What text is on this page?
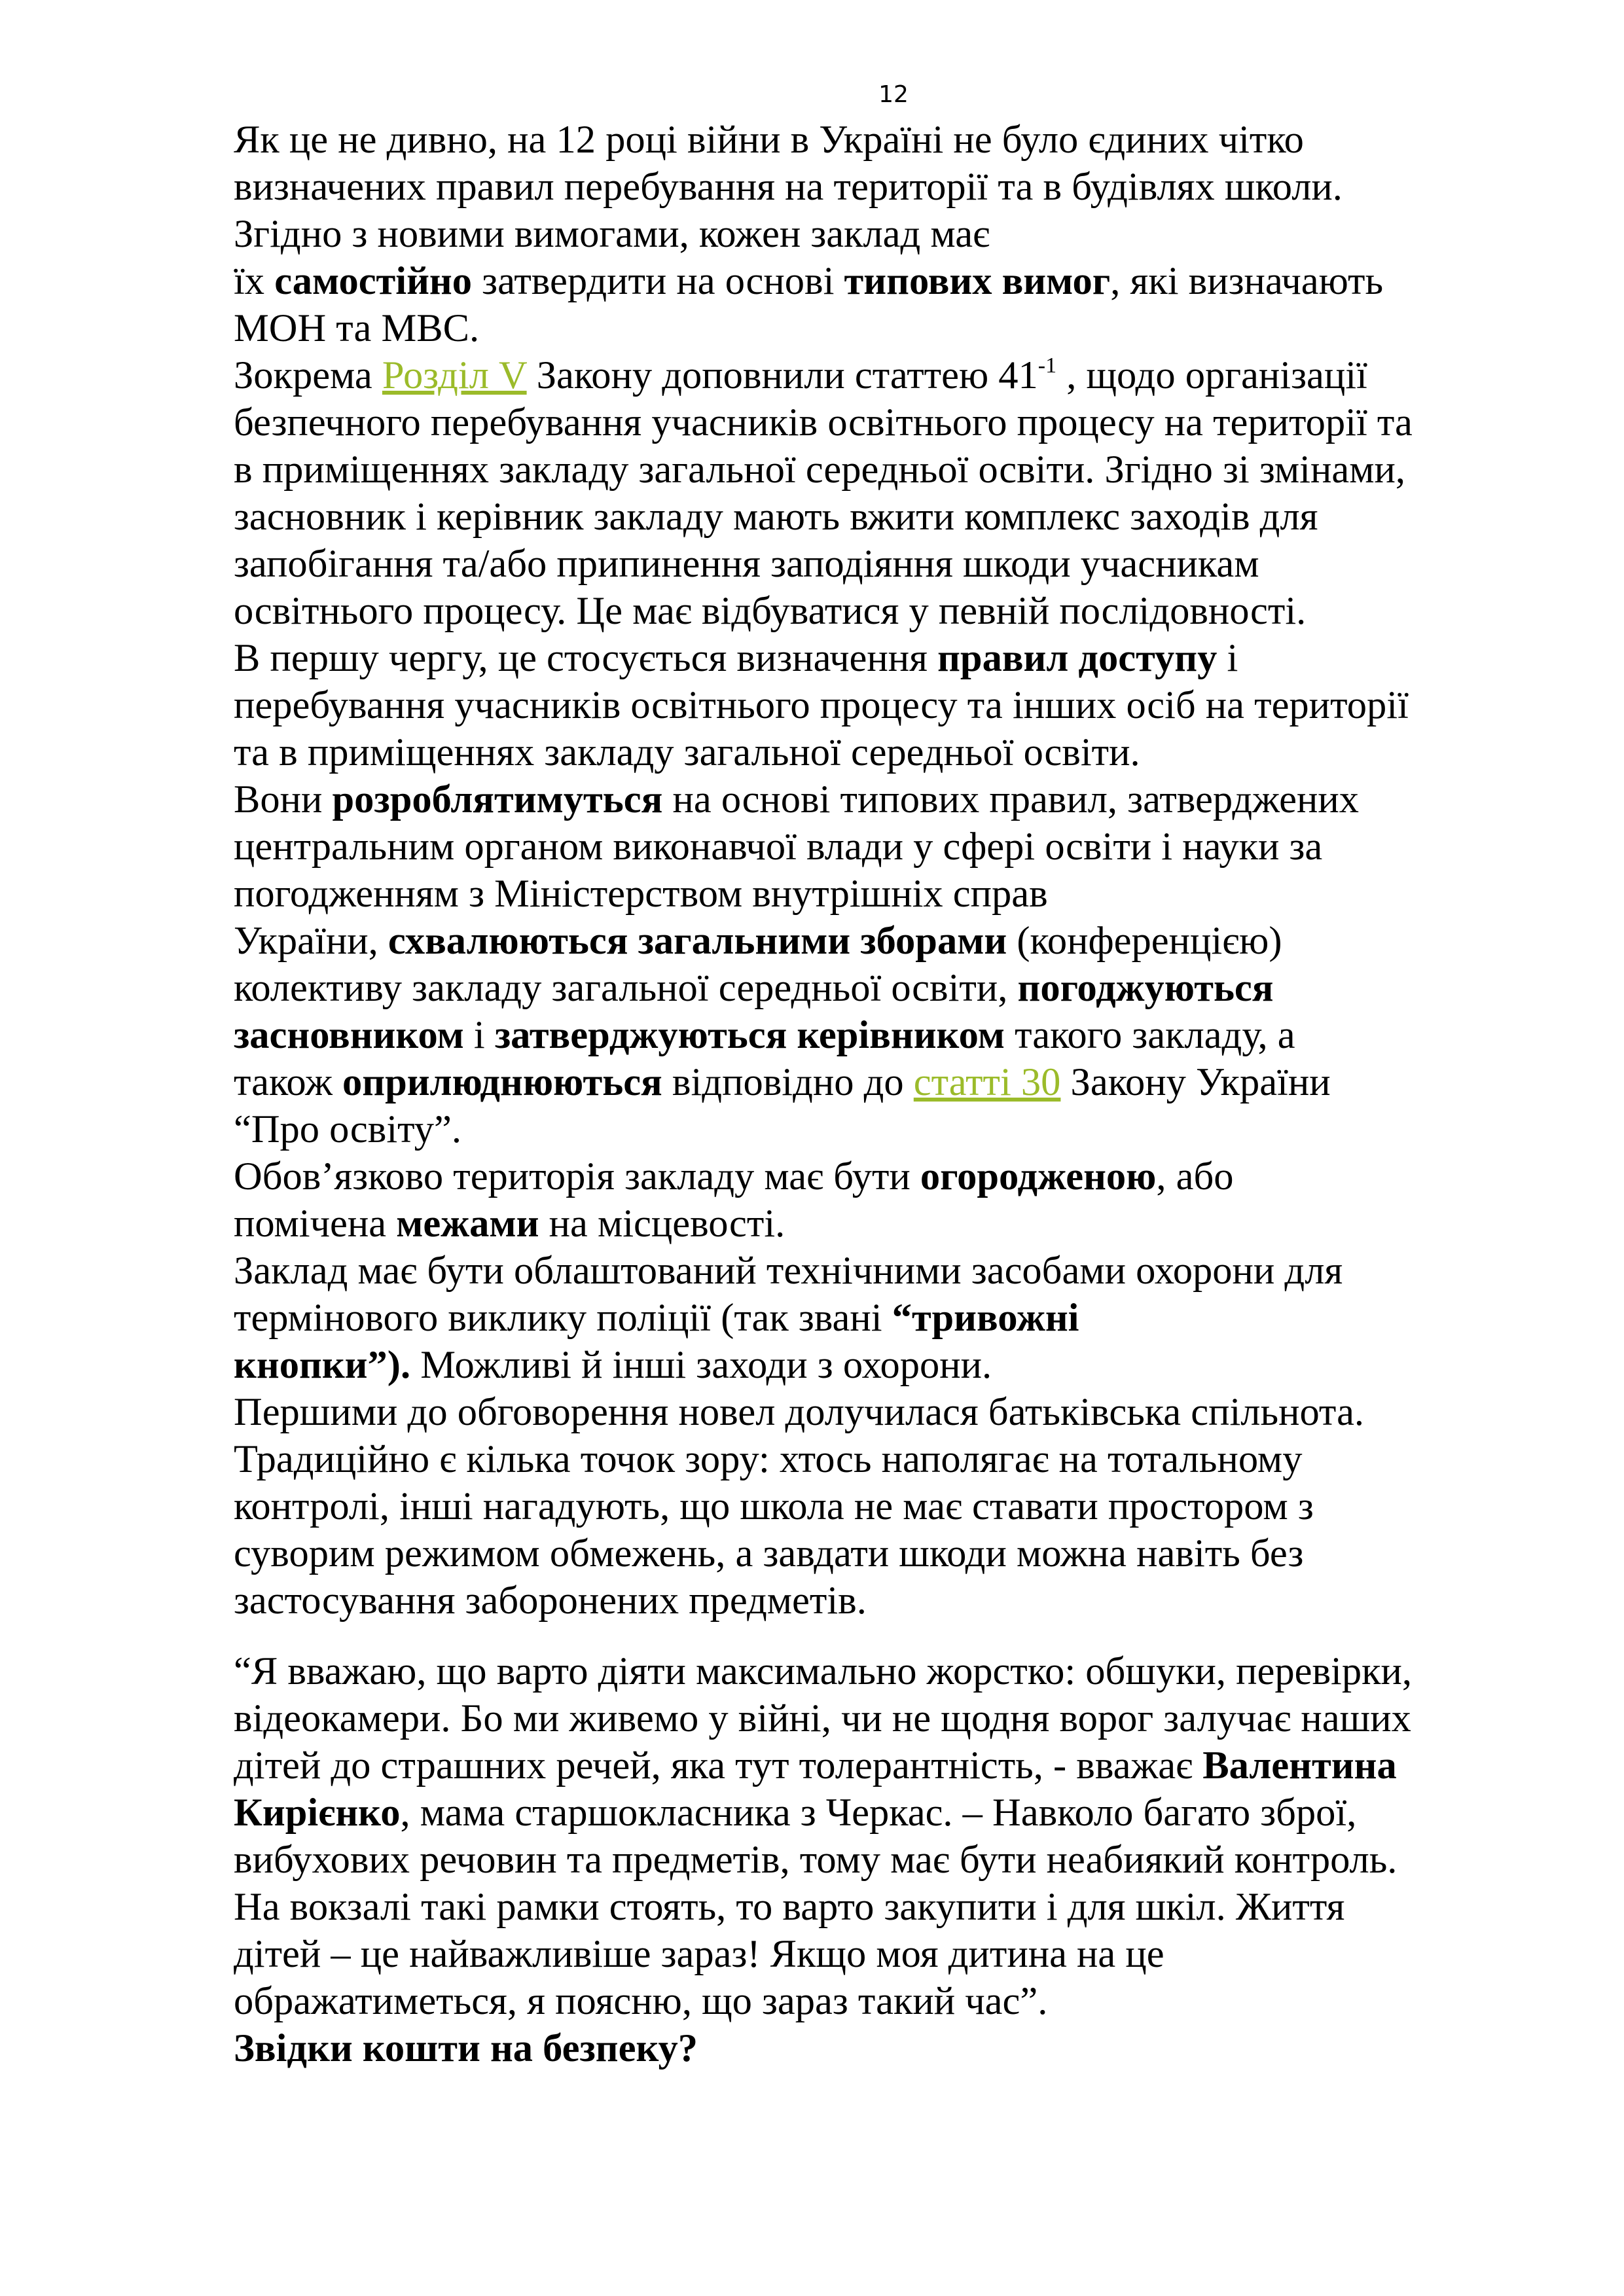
12
Як це не дивно, на 12 році війни в Україні не було єдиних чітко
визначених правил перебування на території та в будівлях школи.
Згідно з новими вимогами, кожен заклад має
їх самостійно затвердити на основі типових вимог, які визначають
МОН та МВС.
Зокрема Розділ V Закону доповнили статтею $41^{-1}$ , щодо організації
безпечного перебування учасників освітнього процесу на території та
в приміщеннях закладу загальної середньої освіти. Згідно зі змінами,
засновник і керівник закладу мають вжити комплекс заходів для
запобігання та/або припинення заподіяння шкоди учасникам
освітнього процесу. Це має відбуватися у певній послідовності.
В першу чергу, це стосується визначення правил доступу і
перебування учасників освітнього процесу та інших осіб на території
та в приміщеннях закладу загальної середньої освіти.
Вони розроблятимуться на основі типових правил, затверджених
центральним органом виконавчої влади у сфері освіти і науки за
погодженням з Міністерством внутрішніх справ
України, схвалюються загальними зборами (конференцією)
колективу закладу загальної середньої освіти, погоджуються
засновником і затверджуються керівником такого закладу, а
також оприлюднюються відповідно до статті 30 Закону України
“Про освіту”.
Обов’язково територія закладу має бути огородженою, або
помічена межами на місцевості.
Заклад має бути облаштований технічними засобами охорони для
термінового виклику поліції (так звані “тривожні
кнопки”). Можливі й інші заходи з охорони.
Першими до обговорення новел долучилася батьківська спільнота.
Традиційно є кілька точок зору: хтось наполягає на тотальному
контролі, інші нагадують, що школа не має ставати простором з
суворим режимом обмежень, а завдати шкоди можна навіть без
застосування заборонених предметів.
“Я вважаю, що варто діяти максимально жорстко: обшуки, перевірки,
відеокамери. Бо ми живемо у війні, чи не щодня ворог залучає наших
дітей до страшних речей, яка тут толерантність, - вважає Валентина
Кирієнко, мама старшокласника з Черкас. – Навколо багато зброї,
вибухових речовин та предметів, тому має бути неабиякий контроль.
На вокзалі такі рамки стоять, то варто закупити і для шкіл. Життя
дітей – це найважливіше зараз! Якщо моя дитина на це
ображатиметься, я поясню, що зараз такий час”.
Звідки кошти на безпеку?
